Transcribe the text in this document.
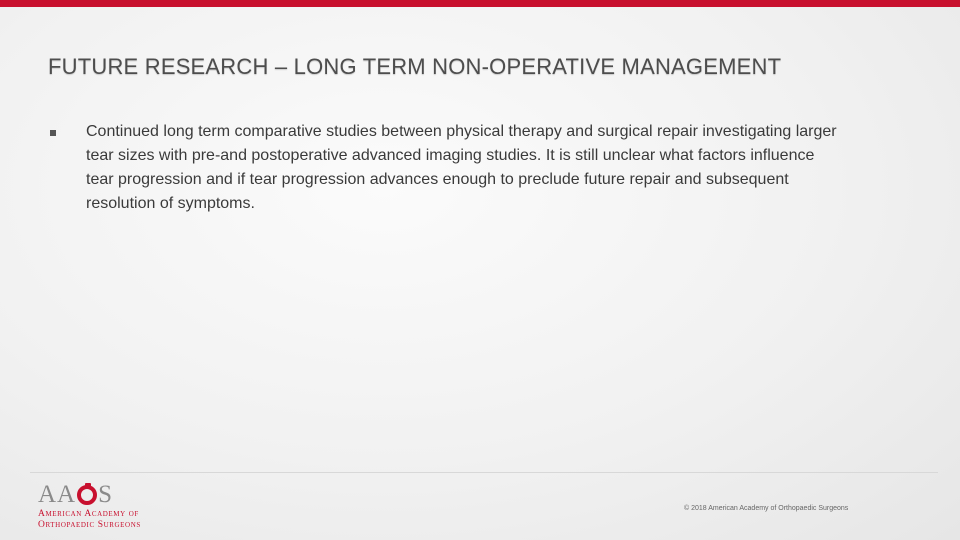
FUTURE RESEARCH – LONG TERM NON-OPERATIVE MANAGEMENT
Continued long term comparative studies between physical therapy and surgical repair investigating larger tear sizes with pre-and postoperative advanced imaging studies. It is still unclear what factors influence tear progression and if tear progression advances enough to preclude future repair and subsequent resolution of symptoms.
AA S
American Academy of
Orthopaedic Surgeons
© 2018 American Academy of Orthopaedic Surgeons
